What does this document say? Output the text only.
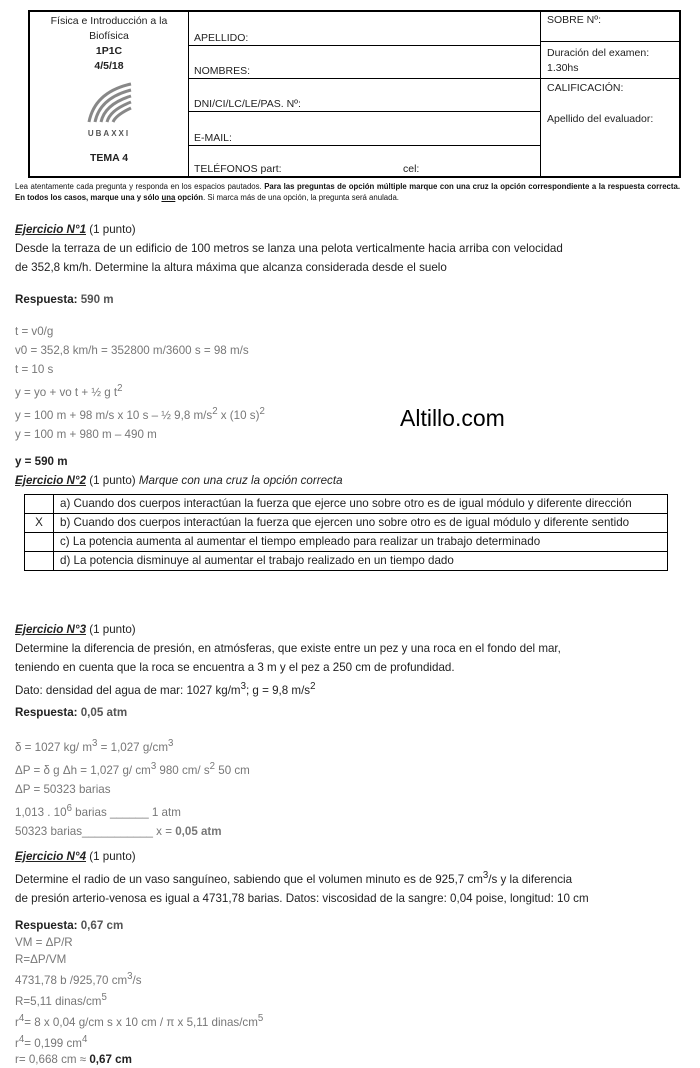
Física e Introducción a la Biofísica
1P1C
4/5/18
UBAXXI
TEMA 4
APELLIDO:
NOMBRES:
DNI/CI/LC/LE/PAS. Nº:
E-MAIL:
TELÉFONOS part:	cel:
SOBRE Nº:
Duración del examen:
1.30hs
CALIFICACIÓN:
Apellido del evaluador:
Lea atentamente cada pregunta y responda en los espacios pautados. Para las preguntas de opción múltiple marque con una cruz la opción correspondiente a la respuesta correcta. En todos los casos, marque una y sólo una opción. Si marca más de una opción, la pregunta será anulada.
Altillo.com
Ejercicio N°1 (1 punto)
Desde la terraza de un edificio de 100 metros se lanza una pelota verticalmente hacia arriba con velocidad
de 352,8 km/h. Determine la altura máxima que alcanza considerada desde el suelo
Respuesta: 590 m
t = v0/g
v0 = 352,8 km/h = 352800 m/3600 s = 98 m/s
t = 10 s
y = yo + vo t + ½ g $t^2$
y = 100 m + 98 m/s x 10 s – ½ 9,8 $m/s^2$ x (10 s)$^2$
y = 100 m + 980 m – 490 m
y = 590 m
Ejercicio N°2 (1 punto) Marque con una cruz la opción correcta
	a) Cuando dos cuerpos interactúan la fuerza que ejerce uno sobre otro es de igual módulo y diferente dirección
X	b) Cuando dos cuerpos interactúan la fuerza que ejercen uno sobre otro es de igual módulo y diferente sentido
	c) La potencia aumenta al aumentar el tiempo empleado para realizar un trabajo determinado
	d) La potencia disminuye al aumentar el trabajo realizado en un tiempo dado
Ejercicio N°3 (1 punto)
Determine la diferencia de presión, en atmósferas, que existe entre un pez y una roca en el fondo del mar,
teniendo en cuenta que la roca se encuentra a 3 m y el pez a 250 cm de profundidad.
Dato: densidad del agua de mar: 1027 $kg/m^3$; g = 9,8 $m/s^2$
Respuesta: 0,05 atm
δ = 1027 kg/ $m^3 = 1,027$ $g/cm^3$
ΔP = δ g Δh = 1,027 g/ $cm^3$ 980 cm/ $s^2$ 50 cm
ΔP = 50323 barias
1,013 . $10^6$ barias ______ 1 atm
50323 barias___________ x = 0,05 atm
Ejercicio N°4 (1 punto)
Determine el radio de un vaso sanguíneo, sabiendo que el volumen minuto es de 925,7 $cm^3/s$ y la diferencia
de presión arterio-venosa es igual a 4731,78 barias. Datos: viscosidad de la sangre: 0,04 poise, longitud: 10 cm
Respuesta: 0,67 cm
VM = ΔP/R
R=ΔP/VM
4731,78 b /925,70 $cm^3/s$
R=5,11 dinas/$cm^5$
$r^4= 8$ x 0,04 g/cm s x 10 cm / π x 5,11 dinas/$cm^5$
$r^4= 0,199$ $cm^4$
r= 0,668 cm ≈ 0,67 cm
